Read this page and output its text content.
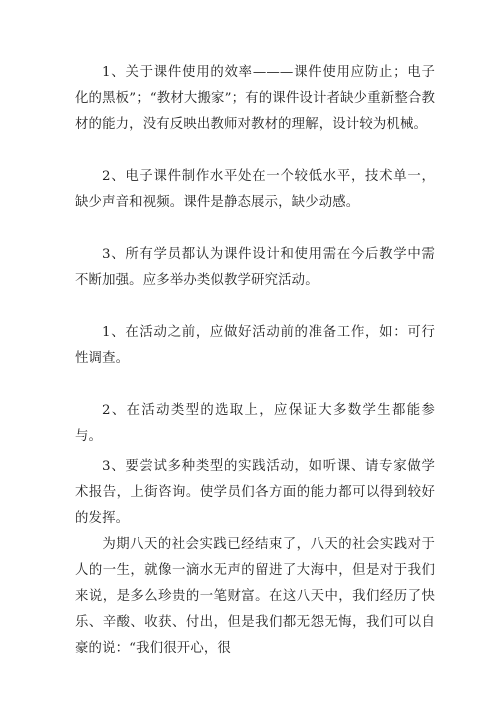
1、关于课件使用的效率———课件使用应防止；电子化的黑板”；“教材大搬家”；有的课件设计者缺少重新整合教材的能力，没有反映出教师对教材的理解，设计较为机械。

2、电子课件制作水平处在一个较低水平，技术单一，缺少声音和视频。课件是静态展示，缺少动感。

3、所有学员都认为课件设计和使用需在今后教学中需不断加强。应多举办类似教学研究活动。

1、在活动之前，应做好活动前的准备工作，如：可行性调查。

2、在活动类型的选取上，应保证大多数学生都能参与。

3、要尝试多种类型的实践活动，如听课、请专家做学术报告，上街咨询。使学员们各方面的能力都可以得到较好的发挥。

为期八天的社会实践已经结束了，八天的社会实践对于人的一生，就像一滴水无声的留进了大海中，但是对于我们来说，是多么珍贵的一笔财富。在这八天中，我们经历了快乐、辛酸、收获、付出，但是我们都无怨无悔，我们可以自豪的说：“我们很开心，很
